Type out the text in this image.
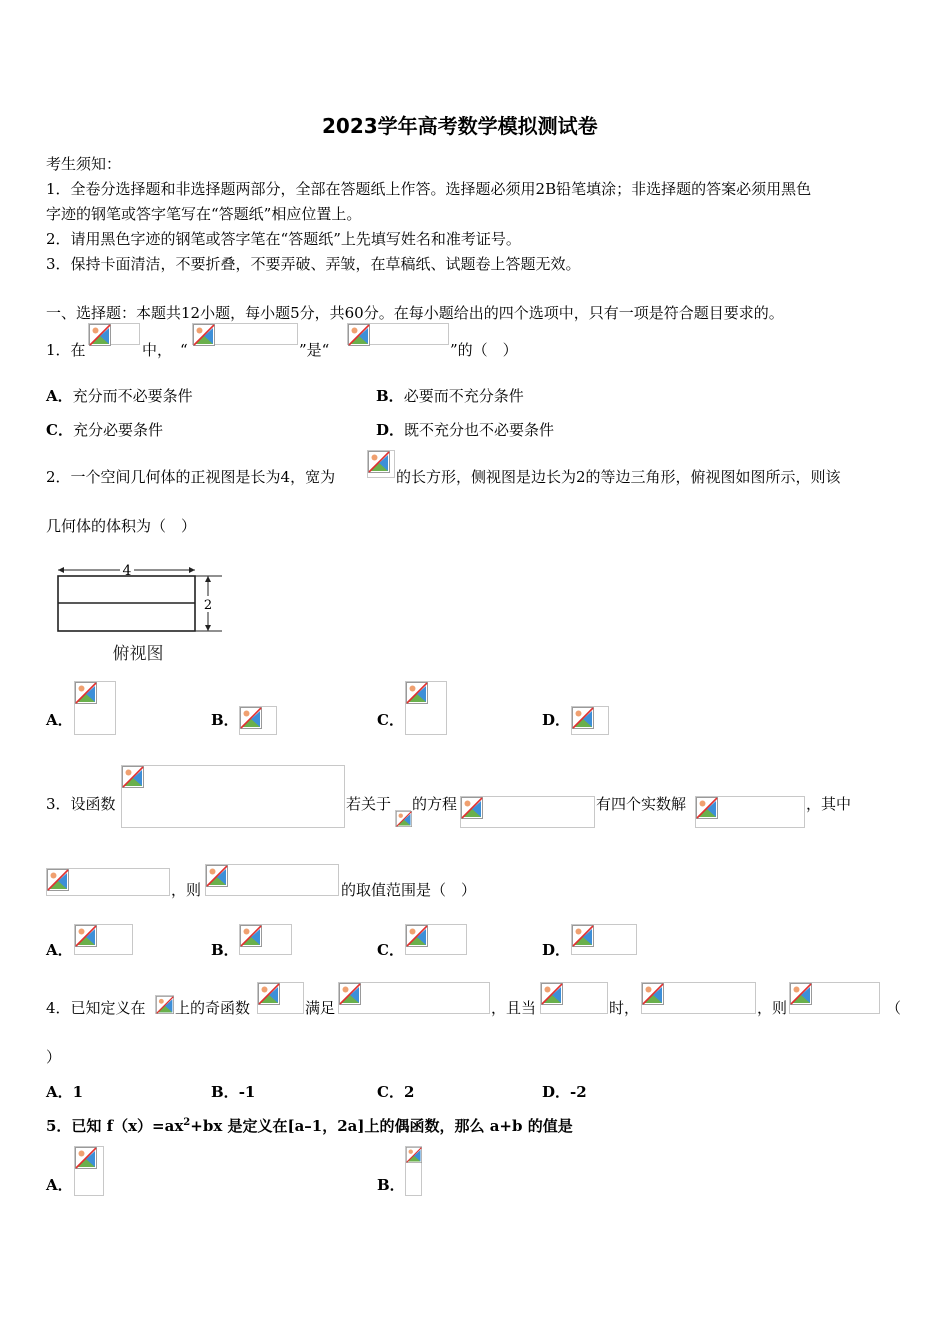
2023学年高考数学模拟测试卷
考生须知：
1．全卷分选择题和非选择题两部分，全部在答题纸上作答。选择题必须用2B铅笔填涂；非选择题的答案必须用黑色
字迹的钢笔或答字笔写在“答题纸”相应位置上。
2．请用黑色字迹的钢笔或答字笔在“答题纸”上先填写姓名和准考证号。
3．保持卡面清洁，不要折叠，不要弄破、弄皱，在草稿纸、试题卷上答题无效。
一、选择题：本题共12小题，每小题5分，共60分。在每小题给出的四个选项中，只有一项是符合题目要求的。
1．在	中， “	”是“	”的（　）
A．充分而不必要条件	B．必要而不充分条件
C．充分必要条件	D．既不充分也不必要条件
2．一个空间几何体的正视图是长为4，宽为	的长方形，侧视图是边长为2的等边三角形，俯视图如图所示，则该
几何体的体积为（　）
4
2
俯视图
A．	B．	C．	D．
3．设函数	若关于 的方程	有四个实数解	，其中
，则	的取值范围是（　）
A．	B．	C．	D．
4．已知定义在 上的奇函数	满足	，且当	时，	，则	（
）
A．1	B．-1	C．2	D．-2
5．已知 $f(x)=ax^2+bx$ 是定义在[a–1，2a]上的偶函数，那么 a+b 的值是
A．	B．
